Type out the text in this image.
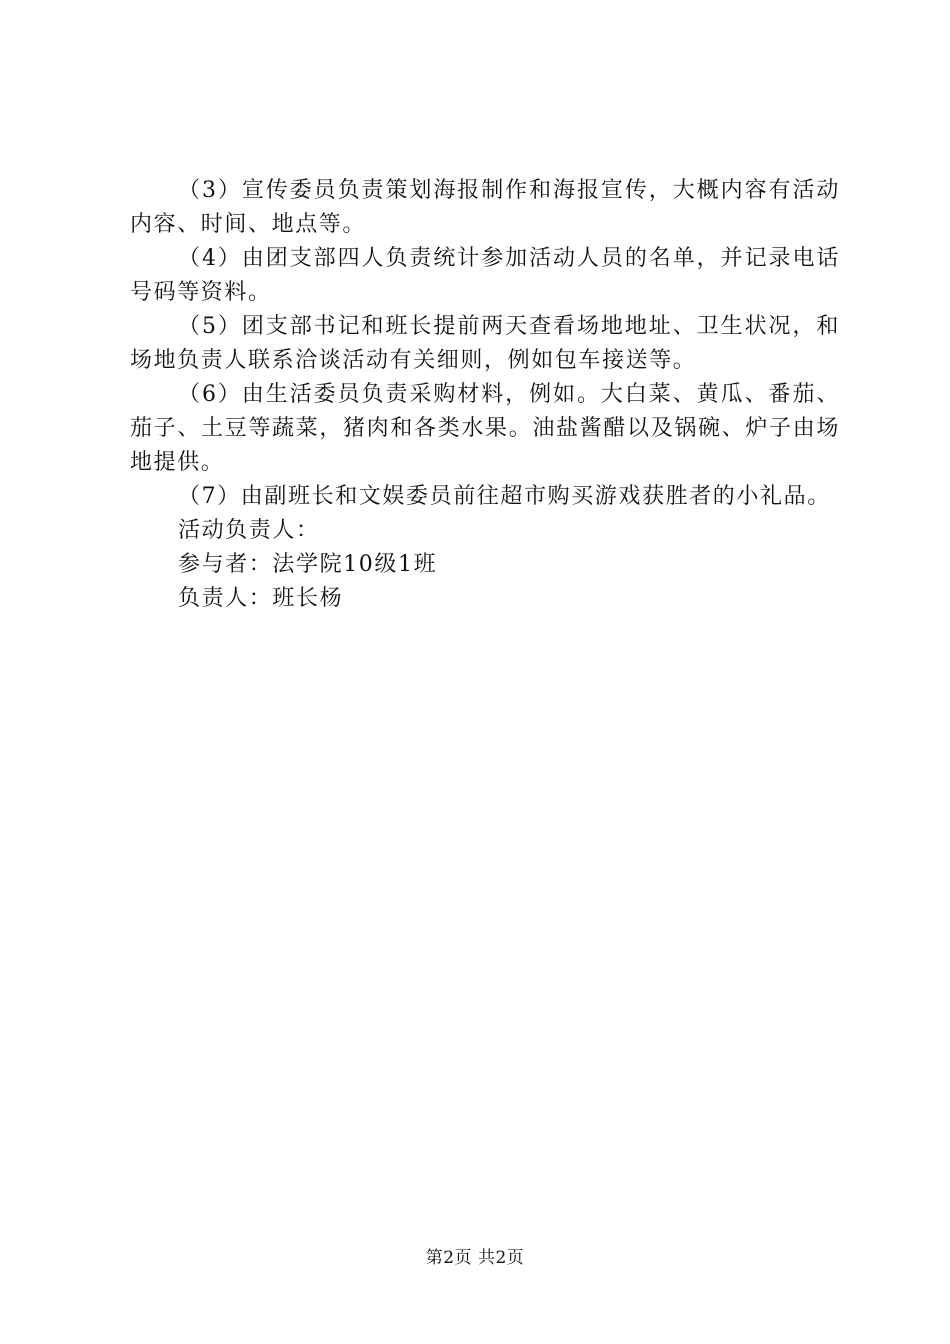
（3）宣传委员负责策划海报制作和海报宣传，大概内容有活动内容、时间、地点等。

（4）由团支部四人负责统计参加活动人员的名单，并记录电话号码等资料。

（5）团支部书记和班长提前两天查看场地地址、卫生状况，和场地负责人联系洽谈活动有关细则，例如包车接送等。

（6）由生活委员负责采购材料，例如。大白菜、黄瓜、番茄、茄子、土豆等蔬菜，猪肉和各类水果。油盐酱醋以及锅碗、炉子由场地提供。

（7）由副班长和文娱委员前往超市购买游戏获胜者的小礼品。

活动负责人：

参与者：法学院10级1班

负责人：班长杨

第2页 共2页
